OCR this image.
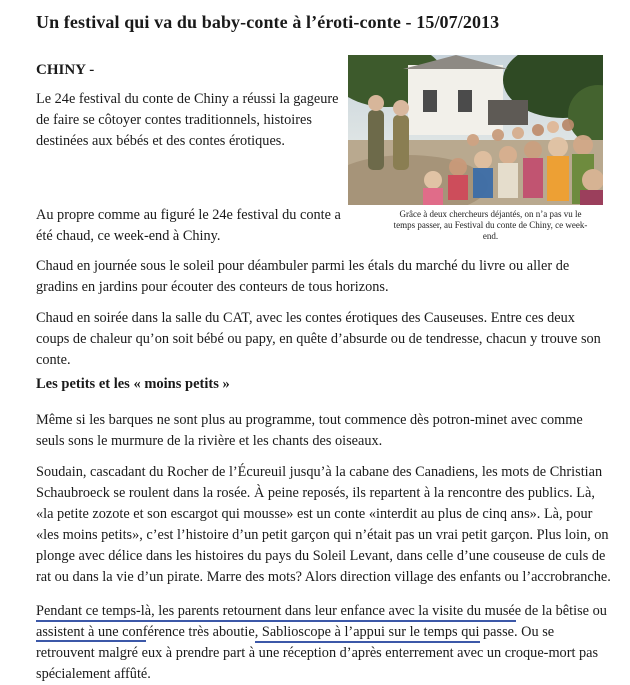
Un festival qui va du baby-conte à l’éroti-conte - 15/07/2013
CHINY -
Le 24e festival du conte de Chiny a réussi la gageure de faire se côtoyer contes traditionnels, histoires destinées aux bébés et des contes érotiques.
Grâce à deux chercheurs déjantés, on n’a pas vu le temps passer, au Festival du conte de Chiny, ce week-end.
Au propre comme au figuré le 24e festival du conte a été chaud, ce week-end à Chiny.
Chaud en journée sous le soleil pour déambuler parmi les étals du marché du livre ou aller de gradins en jardins pour écouter des conteurs de tous horizons.
Chaud en soirée dans la salle du CAT, avec les contes érotiques des Causeuses. Entre ces deux coups de chaleur qu’on soit bébé ou papy, en quête d’absurde ou de tendresse, chacun y trouve son conte.
Les petits et les « moins petits »
Même si les barques ne sont plus au programme, tout commence dès potron-minet avec comme seuls sons le murmure de la rivière et les chants des oiseaux.
Soudain, cascadant du Rocher de l’Écureuil jusqu’à la cabane des Canadiens, les mots de Christian Schaubroeck se roulent dans la rosée. À peine reposés, ils repartent à la rencontre des publics. Là, «la petite zozote et son escargot qui mousse» est un conte «interdit au plus de cinq ans». Là, pour «les moins petits», c’est l’histoire d’un petit garçon qui n’était pas un vrai petit garçon. Plus loin, on plonge avec délice dans les histoires du pays du Soleil Levant, dans celle d’une couseuse de culs de rat ou dans la vie d’un pirate. Marre des mots? Alors direction village des enfants ou l’accrobranche.
Pendant ce temps-là, les parents retournent dans leur enfance avec la visite du musée de la bêtise ou assistent à une conférence très aboutie, Sablioscope à l’appui sur le temps qui passe. Ou se retrouvent malgré eux à prendre part à une réception d’après enterrement avec un croque-mort pas spécialement affûté.
